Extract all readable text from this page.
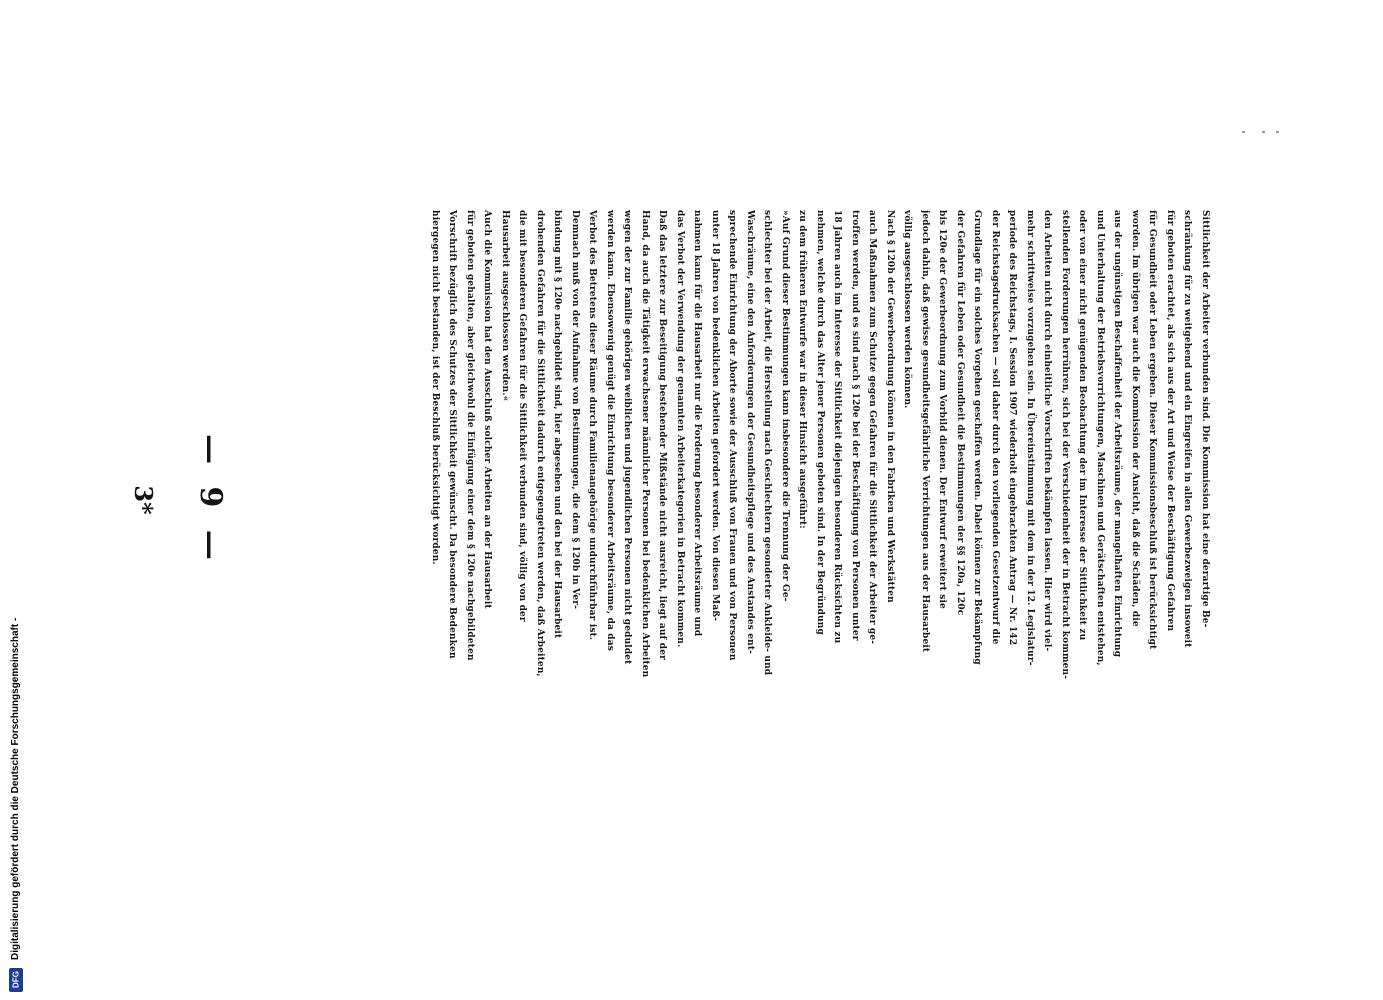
— 9 —	Sittlichkeit der Arbeiter verbunden sind. Die Kommission hat eine derartige Be-
schränkung für zu weitgehend und ein Eingreifen in allen Gewerbezweigen insoweit
für geboten erachtet, als sich aus der Art und Weise der Beschäftigung Gefahren
für Gesundheit oder Leben ergeben. Dieser Kommissionsbeschluß ist berücksichtigt
worden. Im übrigen war auch die Kommission der Ansicht, daß die Schäden, die
aus der ungünstigen Beschaffenheit der Arbeitsräume, der mangelhaften Einrichtung
und Unterhaltung der Betriebsvorrichtungen, Maschinen und Gerätschaften entstehen,
oder von einer nicht genügenden Beobachtung der im Interesse der Sittlichkeit zu
stellenden Forderungen herrühren, sich bei der Verschiedenheit der in Betracht kommen-
den Arbeiten nicht durch einheitliche Vorschriften bekämpfen lassen. Hier wird viel-
mehr schrittweise vorzugehen sein. In Übereinstimmung mit dem in der 12. Legislatur-
periode des Reichstags, I. Session 1907 wiederholt eingebrachten Antrag — Nr. 142
der Reichstagsdrucksachen — soll daher durch den vorliegenden Gesetzentwurf die
Grundlage für ein solches Vorgehen geschaffen werden. Dabei können zur Bekämpfung
der Gefahren für Leben oder Gesundheit die Bestimmungen der §§ 120a, 120c
bis 120e der Gewerbeordnung zum Vorbild dienen. Der Entwurf erweitert sie
jedoch dahin, daß gewisse gesundheitsgefährliche Verrichtungen aus der Hausarbeit
völlig ausgeschlossen werden können.
Nach § 120b der Gewerbeordnung können in den Fabriken und Werkstätten
auch Maßnahmen zum Schutze gegen Gefahren für die Sittlichkeit der Arbeiter ge-
troffen werden, und es sind nach § 120e bei der Beschäftigung von Personen unter
18 Jahren auch im Interesse der Sittlichkeit diejenigen besonderen Rücksichten zu
nehmen, welche durch das Alter jener Personen geboten sind. In der Begründung
zu dem früheren Entwurfe war in dieser Hinsicht ausgeführt:
»Auf Grund dieser Bestimmungen kann insbesondere die Trennung der Ge-
schlechter bei der Arbeit, die Herstellung nach Geschlechtern gesonderter Ankleide- und
Waschräume, eine den Anforderungen der Gesundheitspflege und des Anstandes ent-
sprechende Einrichtung der Aborte sowie der Ausschluß von Frauen und von Personen
unter 18 Jahren von bedenklichen Arbeiten gefordert werden. Von diesen Maß-
nahmen kann für die Hausarbeit nur die Forderung besonderer Arbeitsräume und
das Verbot der Verwendung der genannten Arbeiterkategorien in Betracht kommen.
Daß das letztere zur Beseitigung bestehender Mißstände nicht ausreicht, liegt auf der
Hand, da auch die Tätigkeit erwachsener männlicher Personen bei bedenklichen Arbeiten
wegen der zur Familie gehörigen weiblichen und jugendlichen Personen nicht geduldet
werden kann. Ebensowenig genügt die Einrichtung besonderer Arbeitsräume, da das
Verbot des Betretens dieser Räume durch Familienangehörige undurchführbar ist.
Demnach muß von der Aufnahme von Bestimmungen, die dem § 120b in Ver-
bindung mit § 120e nachgebildet sind, hier abgesehen und den bei der Hausarbeit
drohenden Gefahren für die Sittlichkeit dadurch entgegengetreten werden, daß Arbeiten,
die mit besonderen Gefahren für die Sittlichkeit verbunden sind, völlig von der
Hausarbeit ausgeschlossen werden.«
Auch die Kommission hat den Ausschluß solcher Arbeiten an der Hausarbeit
für geboten gehalten, aber gleichwohl die Einfügung einer dem § 120e nachgebildeten
Vorschrift bezüglich des Schutzes der Sittlichkeit gewünscht. Da besondere Bedenken
hiergegen nicht bestanden, ist der Beschluß berücksichtigt worden.
3*
Digitalisierung gefördert durch die Deutsche Forschungsgemeinschaft -
DFG
